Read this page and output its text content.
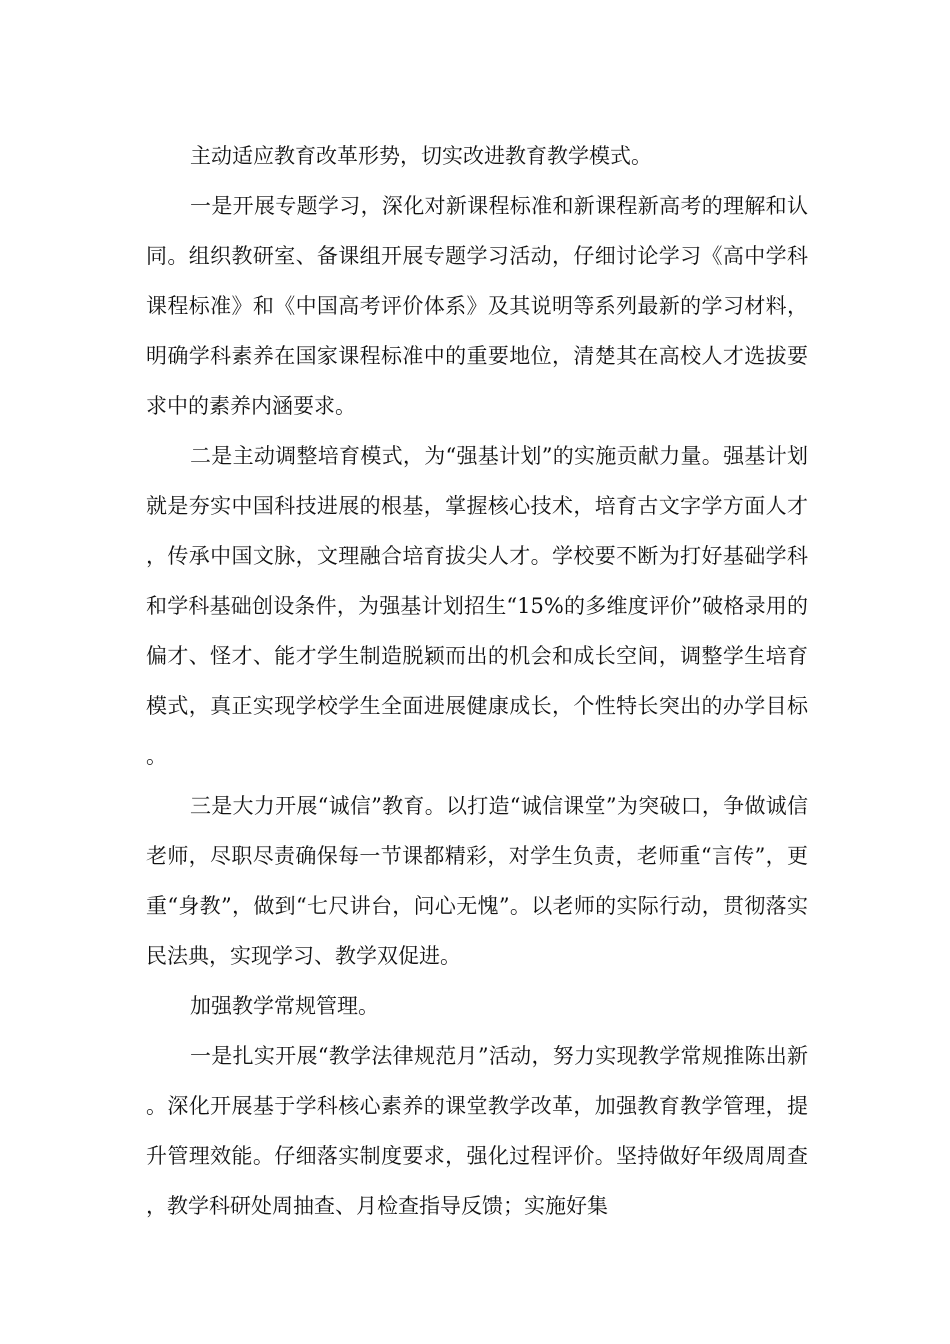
主动适应教育改革形势，切实改进教育教学模式。

一是开展专题学习，深化对新课程标准和新课程新高考的理解和认同。组织教研室、备课组开展专题学习活动，仔细讨论学习《高中学科课程标准》和《中国高考评价体系》及其说明等系列最新的学习材料，明确学科素养在国家课程标准中的重要地位，清楚其在高校人才选拔要求中的素养内涵要求。

二是主动调整培育模式，为“强基计划”的实施贡献力量。强基计划就是夯实中国科技进展的根基，掌握核心技术，培育古文字学方面人才，传承中国文脉，文理融合培育拔尖人才。学校要不断为打好基础学科和学科基础创设条件，为强基计划招生“15%的多维度评价”破格录用的偏才、怪才、能才学生制造脱颖而出的机会和成长空间，调整学生培育模式，真正实现学校学生全面进展健康成长，个性特长突出的办学目标。

三是大力开展“诚信”教育。以打造“诚信课堂”为突破口，争做诚信老师，尽职尽责确保每一节课都精彩，对学生负责，老师重“言传”，更重“身教”，做到“七尺讲台，问心无愧”。以老师的实际行动，贯彻落实民法典，实现学习、教学双促进。

加强教学常规管理。

一是扎实开展“教学法律规范月”活动，努力实现教学常规推陈出新。深化开展基于学科核心素养的课堂教学改革，加强教育教学管理，提升管理效能。仔细落实制度要求，强化过程评价。坚持做好年级周周查，教学科研处周抽查、月检查指导反馈；实施好集
